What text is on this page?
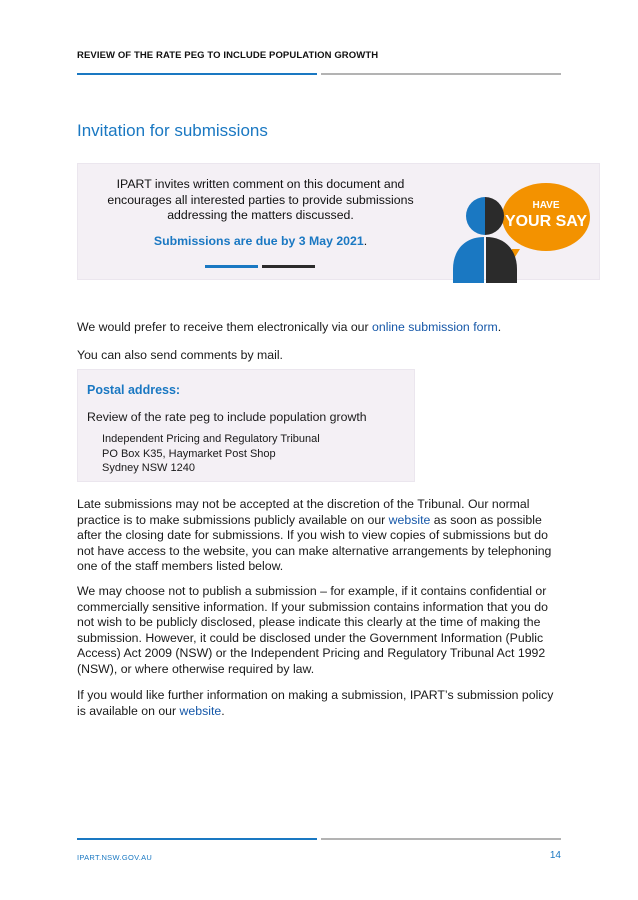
REVIEW OF THE RATE PEG TO INCLUDE POPULATION GROWTH
Invitation for submissions
IPART invites written comment on this document and
encourages all interested parties to provide submissions
addressing the matters discussed.
Submissions are due by 3 May 2021.
HAVE
YOUR SAY
We would prefer to receive them electronically via our online submission form.
You can also send comments by mail.
Postal address:
Review of the rate peg to include population growth
Independent Pricing and Regulatory Tribunal
PO Box K35, Haymarket Post Shop
Sydney NSW 1240
Late submissions may not be accepted at the discretion of the Tribunal. Our normal practice is to make submissions publicly available on our website as soon as possible after the closing date for submissions. If you wish to view copies of submissions but do not have access to the website, you can make alternative arrangements by telephoning one of the staff members listed below.
We may choose not to publish a submission – for example, if it contains confidential or commercially sensitive information. If your submission contains information that you do not wish to be publicly disclosed, please indicate this clearly at the time of making the submission. However, it could be disclosed under the Government Information (Public Access) Act 2009 (NSW) or the Independent Pricing and Regulatory Tribunal Act 1992 (NSW), or where otherwise required by law.
If you would like further information on making a submission, IPART’s submission policy is available on our website.
IPART.NSW.GOV.AU	14
